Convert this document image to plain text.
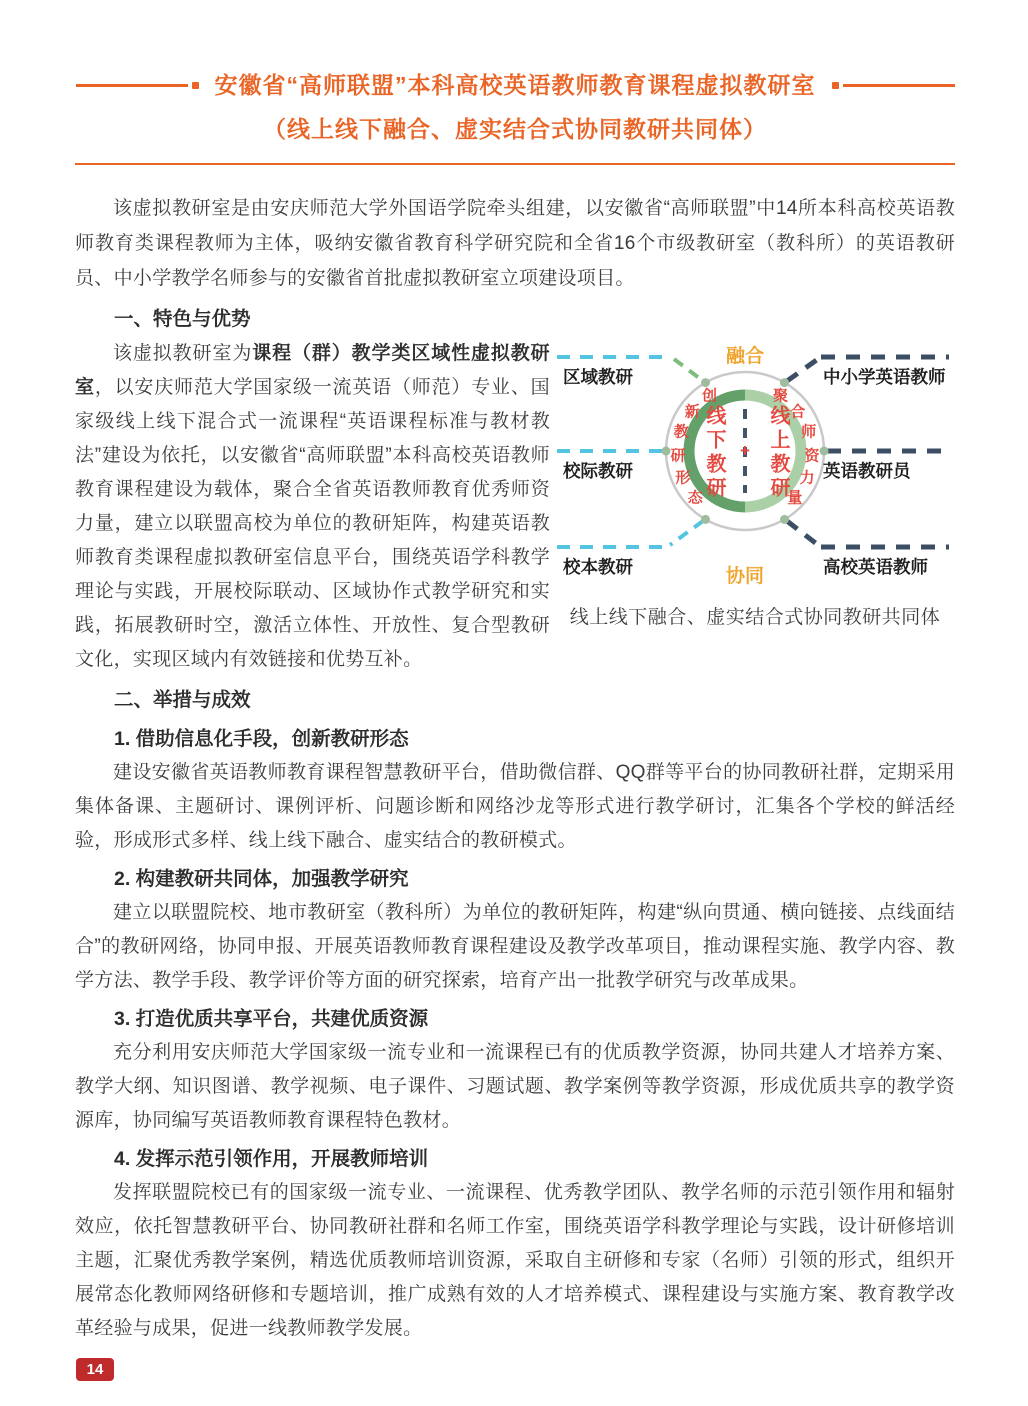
安徽省“高师联盟”本科高校英语教师教育课程虚拟教研室
（线上线下融合、虚实结合式协同教研共同体）

该虚拟教研室是由安庆师范大学外国语学院牵头组建，以安徽省“高师联盟”中14所本科高校英语教师教育类课程教师为主体，吸纳安徽省教育科学研究院和全省16个市级教研室（教科所）的英语教研员、中小学教学名师参与的安徽省首批虚拟教研室立项建设项目。

一、特色与优势

该虚拟教研室为课程（群）教学类区域性虚拟教研室，以安庆师范大学国家级一流英语（师范）专业、国家级线上线下混合式一流课程“英语课程标准与教材教法”建设为依托，以安徽省“高师联盟”本科高校英语教师教育课程建设为载体，聚合全省英语教师教育优秀师资力量，建立以联盟高校为单位的教研矩阵，构建英语教师教育类课程虚拟教研室信息平台，围绕英语学科教学理论与实践，开展校际联动、区域协作式教学研究和实践，拓展教研时空，激活立体性、开放性、复合型教研文化，实现区域内有效链接和优势互补。

融合
协同
线下教研 线上教研
+
创
新
教
研
形
态
聚
合
师
资
力
量
区域教研
校际教研
校本教研
中小学英语教师
英语教研员
高校英语教师
线上线下融合、虚实结合式协同教研共同体
二、举措与成效
1. 借助信息化手段，创新教研形态

建设安徽省英语教师教育课程智慧教研平台，借助微信群、QQ群等平台的协同教研社群，定期采用集体备课、主题研讨、课例评析、问题诊断和网络沙龙等形式进行教学研讨，汇集各个学校的鲜活经验，形成形式多样、线上线下融合、虚实结合的教研模式。

2. 构建教研共同体，加强教学研究

建立以联盟院校、地市教研室（教科所）为单位的教研矩阵，构建“纵向贯通、横向链接、点线面结合”的教研网络，协同申报、开展英语教师教育课程建设及教学改革项目，推动课程实施、教学内容、教学方法、教学手段、教学评价等方面的研究探索，培育产出一批教学研究与改革成果。

3. 打造优质共享平台，共建优质资源

充分利用安庆师范大学国家级一流专业和一流课程已有的优质教学资源，协同共建人才培养方案、教学大纲、知识图谱、教学视频、电子课件、习题试题、教学案例等教学资源，形成优质共享的教学资源库，协同编写英语教师教育课程特色教材。

4. 发挥示范引领作用，开展教师培训

发挥联盟院校已有的国家级一流专业、一流课程、优秀教学团队、教学名师的示范引领作用和辐射效应，依托智慧教研平台、协同教研社群和名师工作室，围绕英语学科教学理论与实践，设计研修培训主题，汇聚优秀教学案例，精选优质教师培训资源，采取自主研修和专家（名师）引领的形式，组织开展常态化教师网络研修和专题培训，推广成熟有效的人才培养模式、课程建设与实施方案、教育教学改革经验与成果，促进一线教师教学发展。

14
